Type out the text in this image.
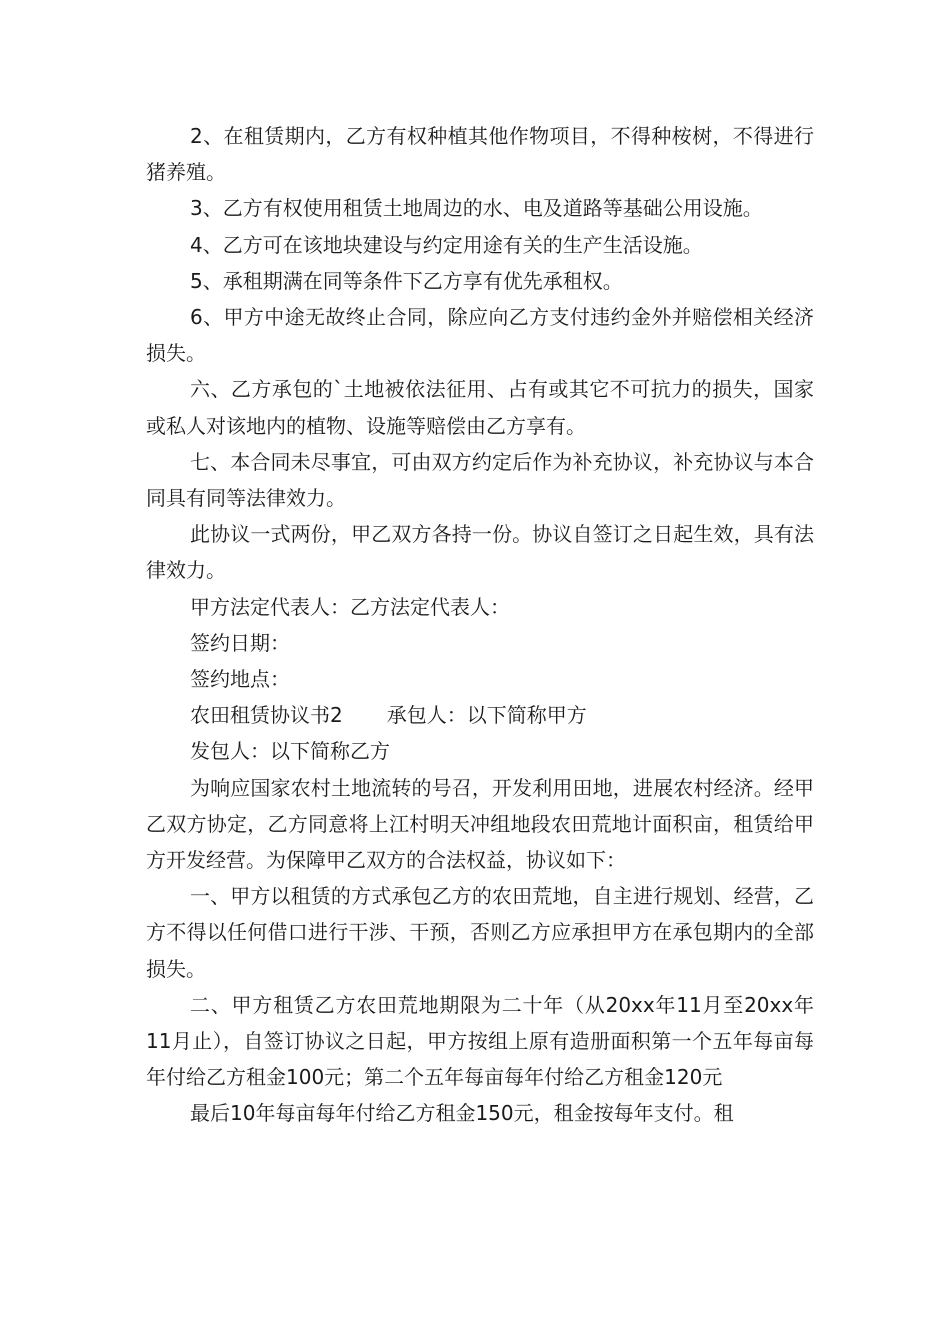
2、在租赁期内，乙方有权种植其他作物项目，不得种桉树，不得进行猪养殖。

3、乙方有权使用租赁土地周边的水、电及道路等基础公用设施。

4、乙方可在该地块建设与约定用途有关的生产生活设施。

5、承租期满在同等条件下乙方享有优先承租权。

6、甲方中途无故终止合同，除应向乙方支付违约金外并赔偿相关经济损失。

六、乙方承包的`土地被依法征用、占有或其它不可抗力的损失，国家或私人对该地内的植物、设施等赔偿由乙方享有。

七、本合同未尽事宜，可由双方约定后作为补充协议，补充协议与本合同具有同等法律效力。

此协议一式两份，甲乙双方各持一份。协议自签订之日起生效，具有法律效力。

甲方法定代表人：乙方法定代表人：

签约日期：

签约地点：

农田租赁协议书2 承包人：以下简称甲方

发包人：以下简称乙方

为响应国家农村土地流转的号召，开发利用田地，进展农村经济。经甲乙双方协定，乙方同意将上江村明天冲组地段农田荒地计面积亩，租赁给甲方开发经营。为保障甲乙双方的合法权益，协议如下：

一、甲方以租赁的方式承包乙方的农田荒地，自主进行规划、经营，乙方不得以任何借口进行干涉、干预，否则乙方应承担甲方在承包期内的全部损失。

二、甲方租赁乙方农田荒地期限为二十年（从20xx年11月至20xx年11月止），自签订协议之日起，甲方按组上原有造册面积第一个五年每亩每年付给乙方租金100元；第二个五年每亩每年付给乙方租金120元

最后10年每亩每年付给乙方租金150元，租金按每年支付。租
